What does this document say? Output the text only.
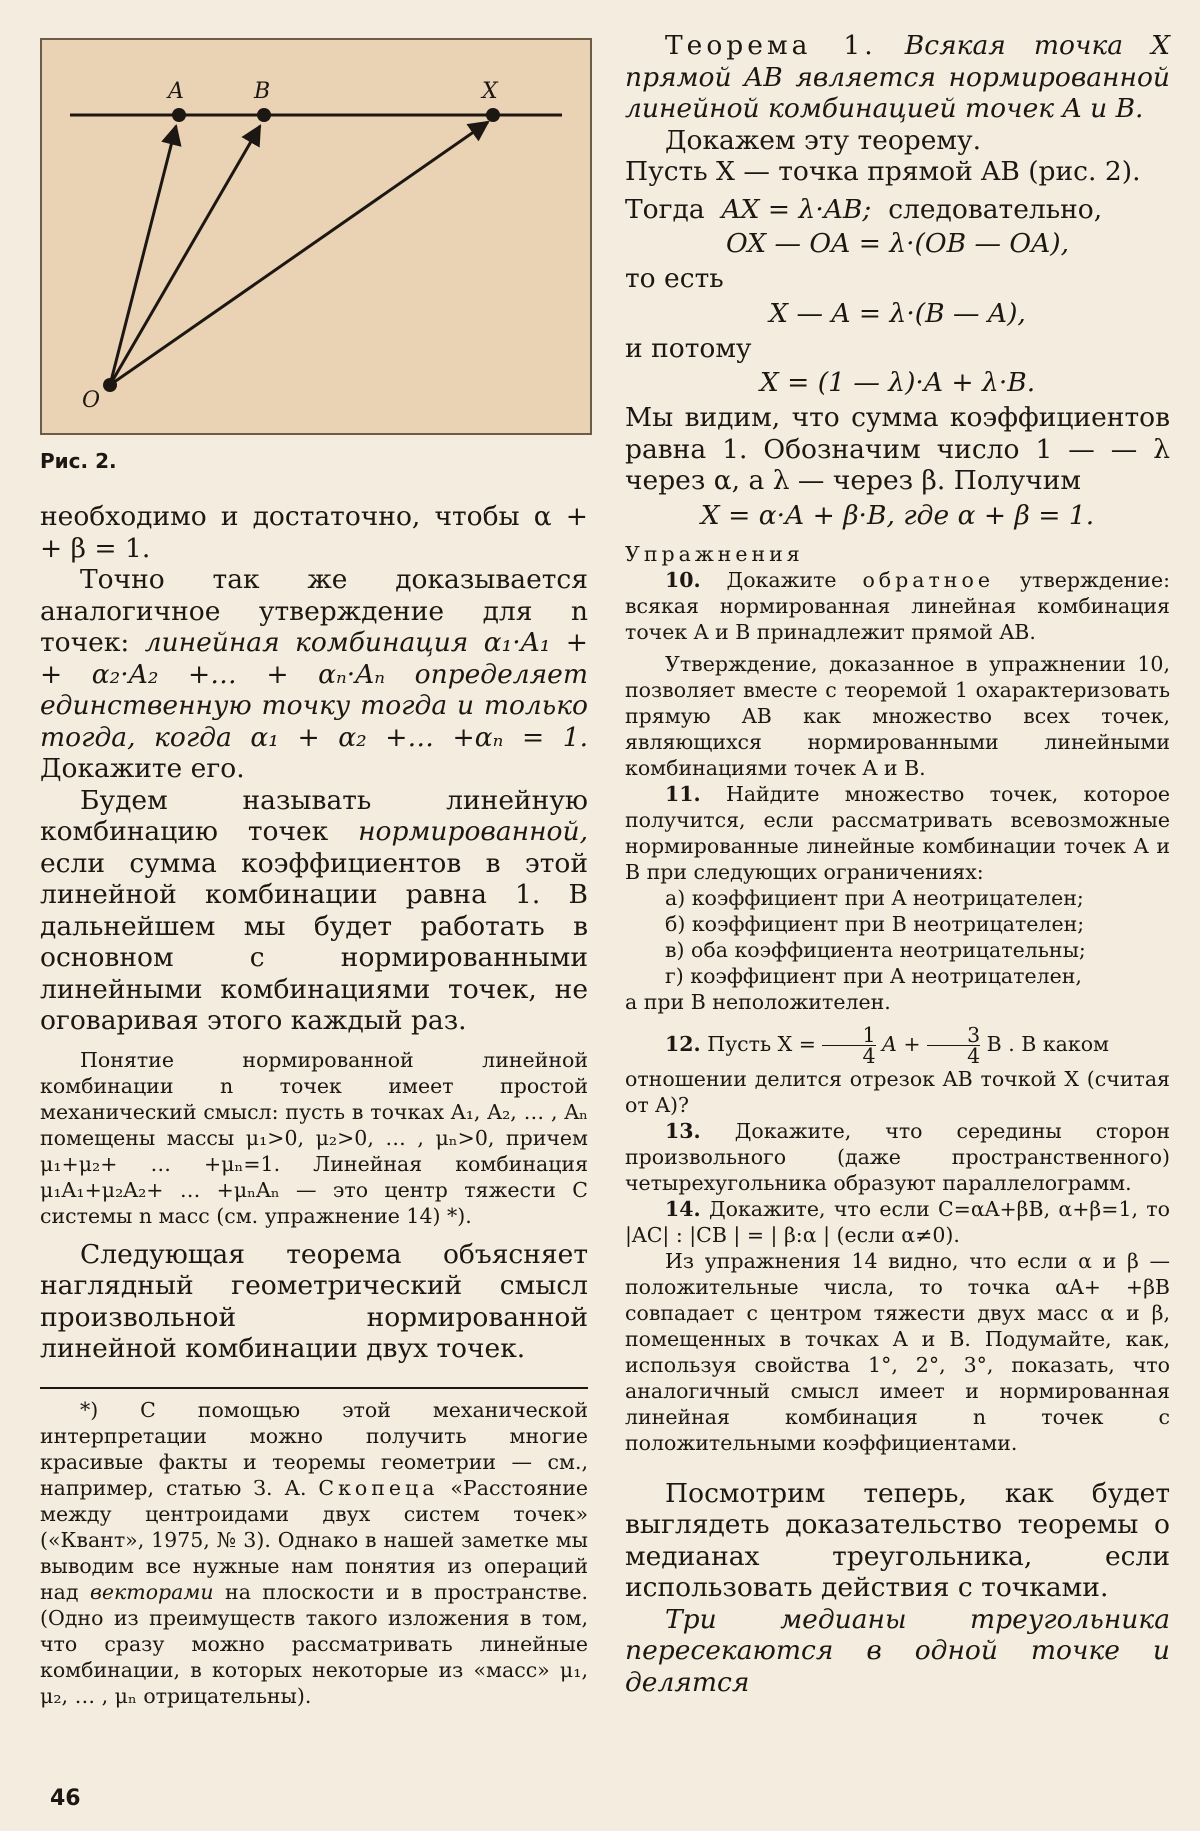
A	B	X
O
Рис. 2.

необходимо и достаточно, чтобы α + + β = 1.

Точно так же доказывается аналогичное утверждение для n точек: линейная комбинация α₁·A₁ + + α₂·A₂ +… + αₙ·Aₙ определяет единственную точку тогда и только тогда, когда α₁ + α₂ +… +αₙ = 1. Докажите его.

Будем называть линейную комбинацию точек нормированной, если сумма коэффициентов в этой линейной комбинации равна 1. В дальнейшем мы будет работать в основном с нормированными линейными комбинациями точек, не оговаривая этого каждый раз.

Понятие нормированной линейной комбинации n точек имеет простой механический смысл: пусть в точках A₁, A₂, … , Aₙ помещены массы μ₁>0, μ₂>0, … , μₙ>0, причем μ₁+μ₂+ … +μₙ=1. Линейная комбинация μ₁A₁+μ₂A₂+ … +μₙAₙ — это центр тяжести C системы n масс (см. упражнение 14) *).

Следующая теорема объясняет наглядный геометрический смысл произвольной нормированной линейной комбинации двух точек.

*) С помощью этой механической интерпретации можно получить многие красивые факты и теоремы геометрии — см., например, статью З. А. Скопеца «Расстояние между центроидами двух систем точек» («Квант», 1975, № 3). Однако в нашей заметке мы выводим все нужные нам понятия из операций над векторами на плоскости и в пространстве. (Одно из преимуществ такого изложения в том, что сразу можно рассматривать линейные комбинации, в которых некоторые из «масс» μ₁, μ₂, … , μₙ отрицательны).

Теорема 1. Всякая точка X прямой AB является нормированной линейной комбинацией точек A и B.

Докажем эту теорему.

Пусть X — точка прямой AB (рис. 2).

Тогда AX = λ·AB; следовательно,

OX — OA = λ·(OB — OA),

то есть

X — A = λ·(B — A),

и потому

X = (1 — λ)·A + λ·B.

Мы видим, что сумма коэффициентов равна 1. Обозначим число 1 — — λ через α, а λ — через β. Получим

X = α·A + β·B, где α + β = 1.

Упражнения

10. Докажите обратное утверждение: всякая нормированная линейная комбинация точек A и B принадлежит прямой AB.

Утверждение, доказанное в упражнении 10, позволяет вместе с теоремой 1 охарактеризовать прямую AB как множество всех точек, являющихся нормированными линейными комбинациями точек A и B.

11. Найдите множество точек, которое получится, если рассматривать всевозможные нормированные линейные комбинации точек A и B при следующих ограничениях:

а) коэффициент при A неотрицателен;

б) коэффициент при B неотрицателен;

в) оба коэффициента неотрицательны;

г) коэффициент при A неотрицателен,

а при B неположителен.

12. Пусть $X = \frac{1}{4}$ $A + \frac{3}{4}$ B . В каком

отношении делится отрезок AB точкой X (считая от A)?

13. Докажите, что середины сторон произвольного (даже пространственного) четырехугольника образуют параллелограмм.

14. Докажите, что если C=αA+βB, α+β=1, то |AC| : |CB | = | β:α | (если α≠0).

Из упражнения 14 видно, что если α и β — положительные числа, то точка αA+ +βB совпадает с центром тяжести двух масс α и β, помещенных в точках A и B. Подумайте, как, используя свойства 1°, 2°, 3°, показать, что аналогичный смысл имеет и нормированная линейная комбинация n точек с положительными коэффициентами.

Посмотрим теперь, как будет выглядеть доказательство теоремы о медианах треугольника, если использовать действия с точками.

Три медианы треугольника пересекаются в одной точке и делятся

46
